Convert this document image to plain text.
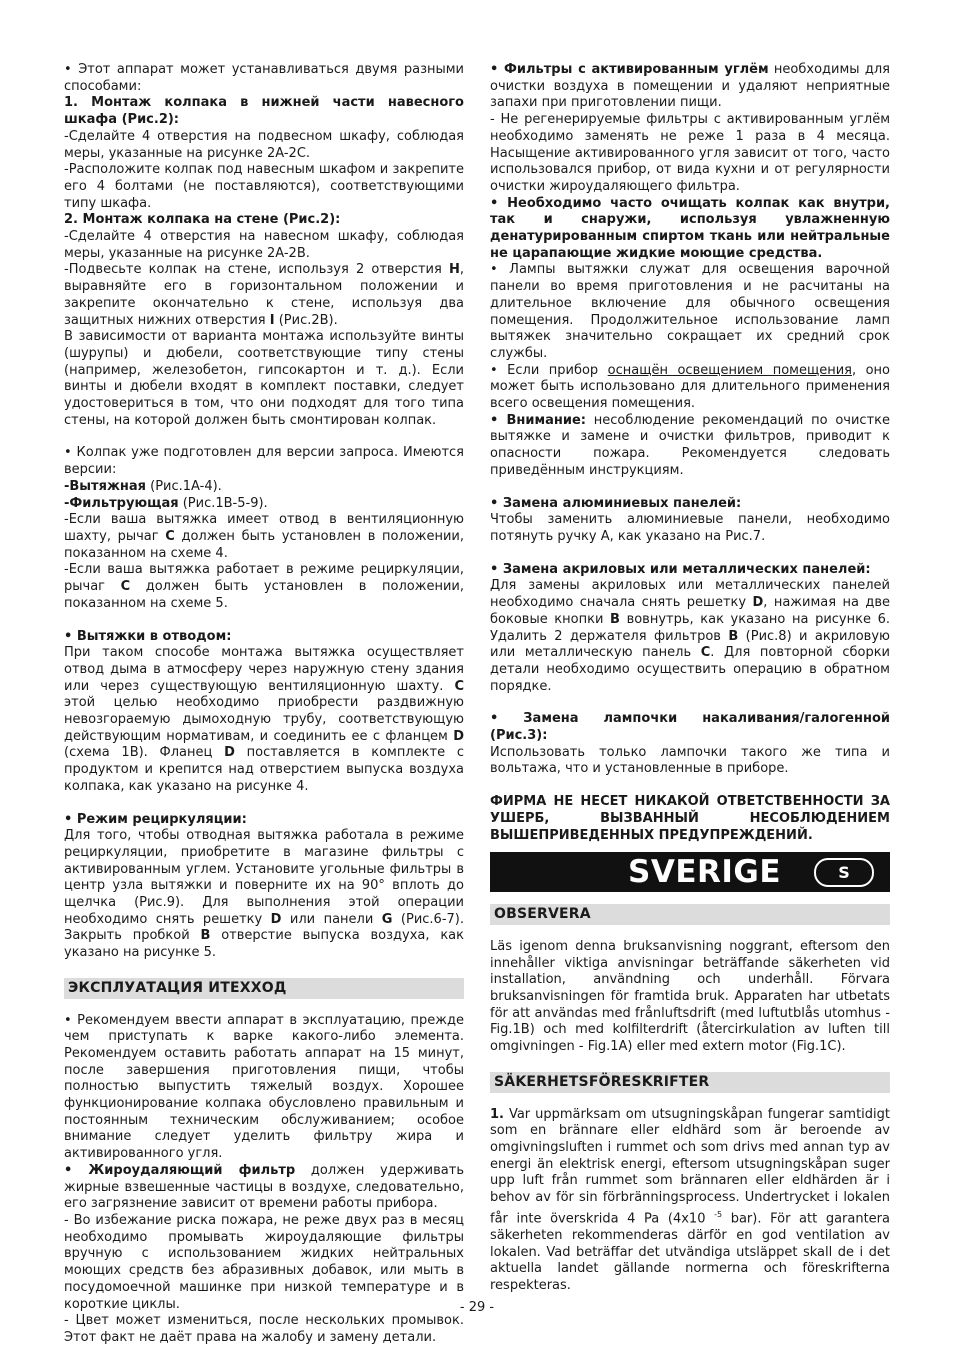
• Этот аппарат может устанавливаться двумя разными способами:

1. Монтаж колпака в нижней части навесного шкафа (Рис.2):

-Сделайте 4 отверстия на подвесном шкафу, соблюдая меры, указанные на рисунке 2A-2C.

-Расположите колпак под навесным шкафом и закрепите его 4 болтами (не поставляются), соответствующими типу шкафа.

2. Монтаж колпака на стене (Рис.2):

-Сделайте 4 отверстия на навесном шкафу, соблюдая меры, указанные на рисунке 2A-2B.

-Подвесьте колпак на стене, используя 2 отверстия H, выравняйте его в горизонтальном положении и закрепите окончательно к стене, используя два защитных нижних отверстия I (Рис.2B).

В зависимости от варианта монтажа используйте винты (шурупы) и дюбели, соответствующие типу стены (например, железобетон, гипсокартон и т. д.). Если винты и дюбели входят в комплект поставки, следует удостовериться в том, что они подходят для того типа стены, на которой должен быть смонтирован колпак.

• Колпак уже подготовлен для версии запроса. Имеются версии:

-Вытяжная (Рис.1A-4).

-Фильтрующая (Рис.1B-5-9).

-Если ваша вытяжка имеет отвод в вентиляционную шахту, рычаг C должен быть установлен в положении, показанном на схеме 4.

-Если ваша вытяжка работает в режиме рециркуляции, рычаг C должен быть установлен в положении, показанном на схеме 5.

• Вытяжки в отводом:

При таком способе монтажа вытяжка осуществляет отвод дыма в атмосферу через наружную стену здания или через существующую вентиляционную шахту. C этой целью необходимо приобрести раздвижную невозгораемую дымоходную трубу, соответствующую действующим нормативам, и соединить ее с фланцем D (схема 1B). Фланец D поставляется в комплекте с продуктом и крепится над отверстием выпуска воздуха колпака, как указано на рисунке 4.

• Режим рециркуляции:

Для того, чтобы отводная вытяжка работала в режиме рециркуляции, приобретите в магазине фильтры с активированным углем. Установите угольные фильтры в центр узла вытяжки и поверните их на 90° вплоть до щелчка (Рис.9). Для выполнения этой операции необходимо снять решетку D или панели G (Рис.6-7). Закрыть пробкой B отверстие выпуска воздуха, как указано на рисунке 5.

ЭКСПЛУАТАЦИЯ ИТЕХХОД

• Рекомендуем ввести аппарат в эксплуатацию, прежде чем приступать к варке какого-либо элемента. Рекомендуем оставить работать аппарат на 15 минут, после завершения приготовления пищи, чтобы полностью выпустить тяжелый воздух. Хорошее функционирование колпака обусловлено правильным и постоянным техническим обслуживанием; особое внимание следует уделить фильтру жира и активированного угля.

• Жироудаляющий фильтр должен удерживать жирные взвешенные частицы в воздухе, следовательно, его загрязнение зависит от времени работы прибора.

- Во избежание риска пожара, не реже двух раз в месяц необходимо промывать жироудаляющие фильтры вручную с использованием жидких нейтральных моющих средств без абразивных добавок, или мыть в посудомоечной машинке при низкой температуре и в короткие циклы.

- Цвет может измениться, после нескольких промывок. Этот факт не даёт права на жалобу и замену детали.

• Фильтры с активированным углём необходимы для очистки воздуха в помещении и удаляют неприятные запахи при приготовлении пищи.

- Не регенерируемые фильтры с активированным углём необходимо заменять не реже 1 раза в 4 месяца. Насыщение активированного угля зависит от того, часто использовался прибор, от вида кухни и от регулярности очистки жироудаляющего фильтра.

• Необходимо часто очищать колпак как внутри, так и снаружи, используя увлажненную денатурированным спиртом ткань или нейтральные не царапающие жидкие моющие средства.

• Лампы вытяжки служат для освещения варочной панели во время приготовления и не расчитаны на длительное включение для обычного освещения помещения. Продолжительное использование ламп вытяжек значительно сокращает их средний срок службы.

• Если прибор оснащён освещением помещения, оно может быть использовано для длительного применения всего освещения помещения.

• Внимание: несоблюдение рекомендаций по очистке вытяжке и замене и очистки фильтров, приводит к опасности пожара. Рекомендуется следовать приведённым инструкциям.

• Замена алюминиевых панелей:

Чтобы заменить алюминиевые панели, необходимо потянуть ручку A, как указано на Рис.7.

• Замена акриловых или металлических панелей:

Для замены акриловых или металлических панелей необходимо сначала снять решетку D, нажимая на две боковые кнопки B вовнутрь, как указано на рисунке 6. Удалить 2 держателя фильтров B (Рис.8) и акриловую или металлическую панель C. Для повторной сборки детали необходимо осуществить операцию в обратном порядке.

• Замена лампочки накаливания/галогенной (Рис.3):

Использовать только лампочки такого же типа и вольтажа, что и установленные в приборе.

ФИРМА НЕ НЕСЕТ НИКАКОЙ ОТВЕТСТВЕННОСТИ ЗА УШЕРБ, ВЫЗВАННЫЙ НЕСОБЛЮДЕНИЕМ ВЫШЕПРИВЕДЕННЫХ ПРЕДУПРЕЖДЕНИЙ.

SVERIGE	S
OBSERVERA

Läs igenom denna bruksanvisning noggrant, eftersom den innehåller viktiga anvisningar beträffande säkerheten vid installation, användning och underhåll. Förvara bruksanvisningen för framtida bruk. Apparaten har utbetats för att användas med frånluftsdrift (med luftutblås utomhus - Fig.1B) och med kolfilterdrift (återcirkulation av luften till omgivningen - Fig.1A) eller med extern motor (Fig.1C).

SÄKERHETSFÖRESKRIFTER

1. Var uppmärksam om utsugningskåpan fungerar samtidigt som en brännare eller eldhärd som är beroende av omgivningsluften i rummet och som drivs med annan typ av energi än elektrisk energi, eftersom utsugningskåpan suger upp luft från rummet som brännaren eller eldhärden är i behov av för sin förbränningsprocess. Undertrycket i lokalen får inte överskrida 4 Pa (4x10 $^{-5}$ bar). För att garantera säkerheten rekommenderas därför en god ventilation av lokalen. Vad beträffar det utvändiga utsläppet skall de i det aktuella landet gällande normerna och föreskrifterna respekteras.

- 29 -
